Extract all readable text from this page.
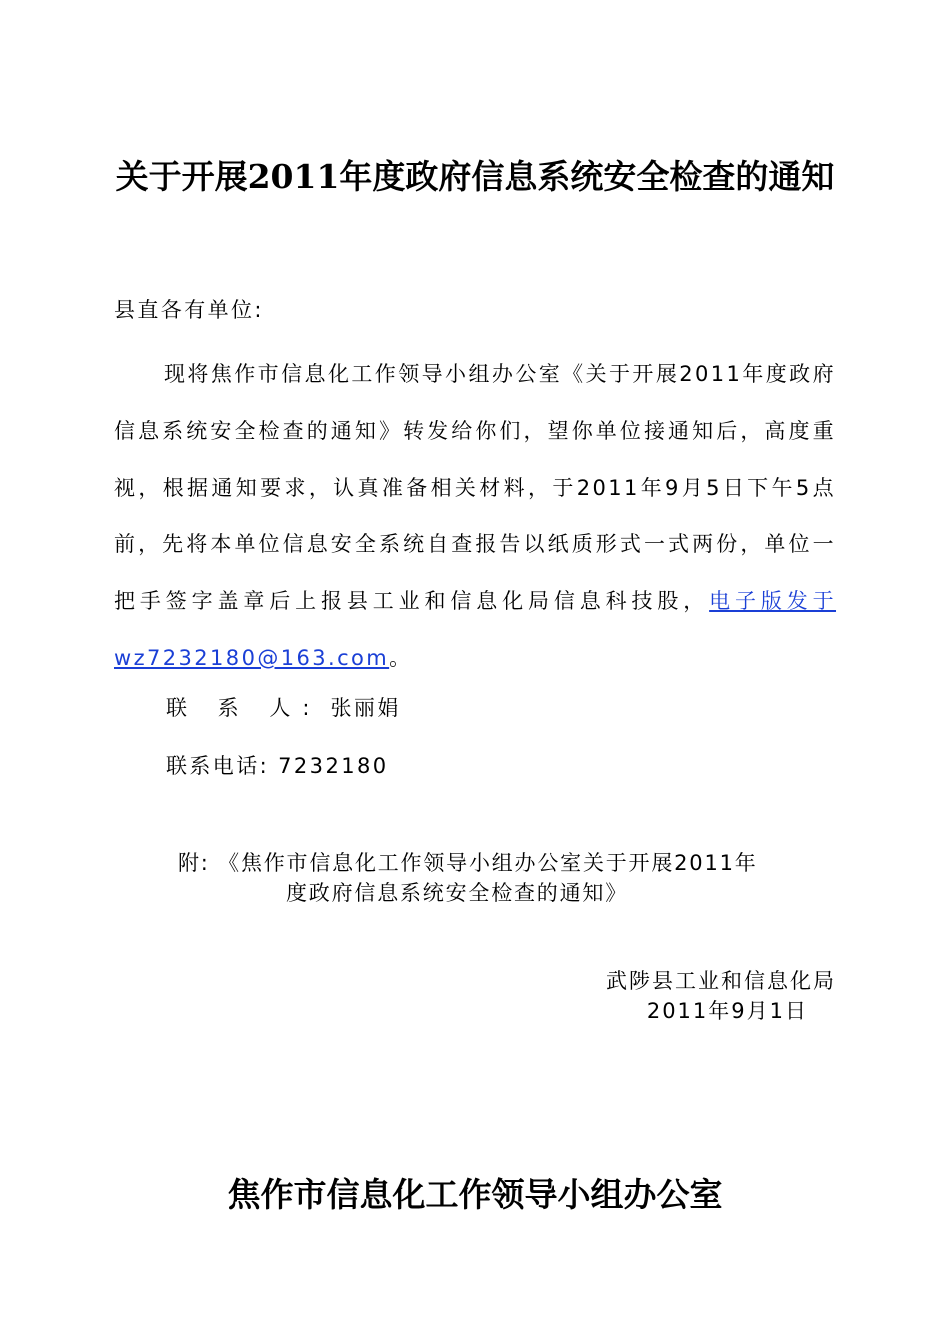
关于开展2011年度政府信息系统安全检查的通知

县直各有单位:

现将焦作市信息化工作领导小组办公室《关于开展2011年度政府信息系统安全检查的通知》转发给你们，望你单位接通知后，高度重视，根据通知要求，认真准备相关材料，于2011年9月5日下午5点前，先将本单位信息安全系统自查报告以纸质形式一式两份，单位一把手签字盖章后上报县工业和信息化局信息科技股，电子版发于wz7232180@163.com。

联 系 人: 张丽娟

联系电话: 7232180

附: 《焦作市信息化工作领导小组办公室关于开展2011年
度政府信息系统安全检查的通知》

武陟县工业和信息化局
2011年9月1日

焦作市信息化工作领导小组办公室
